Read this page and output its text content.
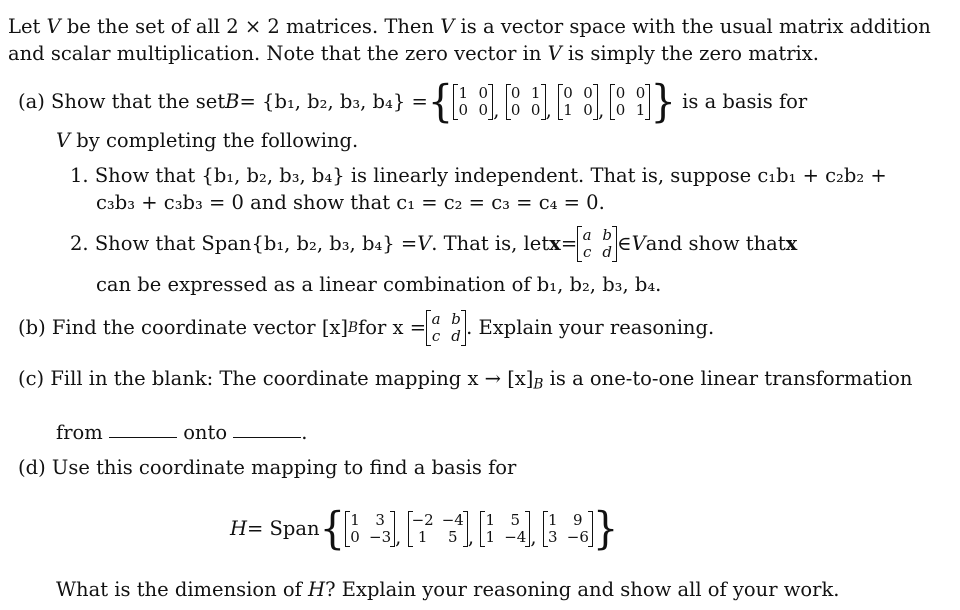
Let V be the set of all 2 × 2 matrices. Then V is a vector space with the usual matrix addition
and scalar multiplication. Note that the zero vector in V is simply the zero matrix.
(a)
Show that the set B = {b₁, b₂, b₃, b₄} = { 1 0
0 0 ,
0 1
0 0 ,
0 0
1 0 ,
0 0
0 1 }
is a basis for
V by completing the following.
1. Show that {b₁, b₂, b₃, b₄} is linearly independent. That is, suppose c₁b₁ + c₂b₂ +
c₃b₃ + c₃b₃ = 0 and show that c₁ = c₂ = c₃ = c₄ = 0.
2.
Show that Span{b₁, b₂, b₃, b₄} = V . That is, let x = a b
c d ∈ V and show that x
can be expressed as a linear combination of b₁, b₂, b₃, b₄.
(b)
Find the coordinate vector [x] B for x = a b
c d . Explain your reasoning.
(c) Fill in the blank: The coordinate mapping $x \to [x]_B$ is a one-to-one linear transformation
from	onto	.
(d) Use this coordinate mapping to find a basis for
H = Span { 1	3
0 −3 ,
−2 −4
1	5 ,
1	5
1 −4 ,
1	9
3 −6 }
What is the dimension of H? Explain your reasoning and show all of your work.
